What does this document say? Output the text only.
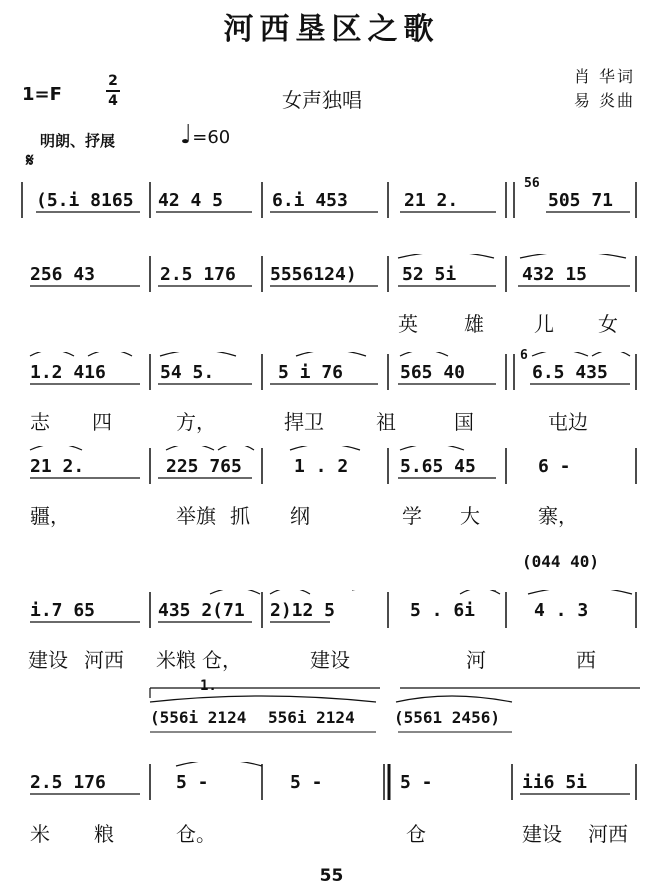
河西垦区之歌
1=F
2
4	女声独唱
肖 华词
易 炎曲
明朗、抒展 ♩=60
𝄋
(5.i 8165 42 4 5	6.i 453	21 2.	505 71
56
256 43	2.5 176 5556124)	52 5i	432 15
英 雄	儿 女
1.2 416	54 5.	5 i 76	565 40	6.5 435
6
志 四	方，	捍卫	祖	国	屯边
21 2.	225 765	1 . 2	5.65 45	6 -
疆，	举旗 抓 纲	学 大	寨，
(044 40)
i.7 65	435 2(71 2)12 5	5 . 6i	4 . 3
建设 河西 米粮 仓，	建设	河	西
1.
(556i 2124 556i 2124 (5561 2456)
2.5 176	5 -	5 -	5 -	ii6 5i
米 粮	仓。	仓	建设 河西
55
